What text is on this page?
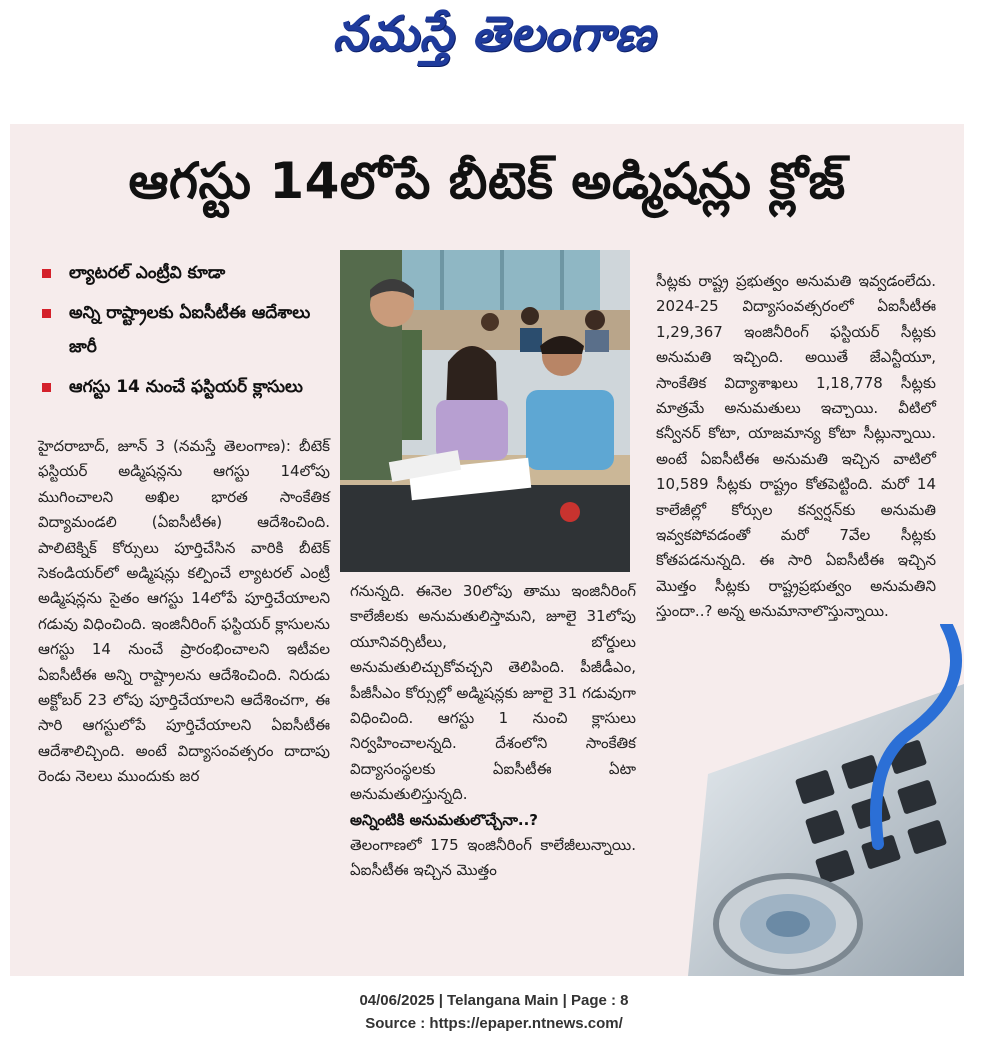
నమస్తే తెలంగాణ
ఆగస్టు 14లోపే బీటెక్ అడ్మిషన్లు క్లోజ్
ల్యాటరల్ ఎంట్రీవి కూడా
అన్ని రాష్ట్రాలకు ఏఐసీటీఈ ఆదేశాలు జారీ
ఆగస్టు 14 నుంచే ఫస్టియర్ క్లాసులు
హైదరాబాద్, జూన్ 3 (నమస్తే తెలంగాణ): బీటెక్ ఫస్టియర్ అడ్మిషన్లను ఆగస్టు 14లోపు ముగించాలని అఖిల భారత సాంకేతిక విద్యామండలి (ఏఐసీటీఈ) ఆదేశించింది. పాలిటెక్నిక్ కోర్సులు పూర్తిచేసిన వారికి బీటెక్ సెకండియర్‌లో అడ్మిషన్లు కల్పించే ల్యాటరల్ ఎంట్రీ అడ్మిషన్లను సైతం ఆగస్టు 14లోపే పూర్తిచేయాలని గడువు విధించింది. ఇంజినీరింగ్ ఫస్టియర్ క్లాసులను ఆగస్టు 14 నుంచే ప్రారంభించాలని ఇటీవల ఏఐసీటీఈ అన్ని రాష్ట్రాలను ఆదేశించింది. నిరుడు అక్టోబర్ 23 లోపు పూర్తిచేయాలని ఆదేశించగా, ఈ సారి ఆగస్టులోపే పూర్తిచేయాలని ఏఐసీటీఈ ఆదేశాలిచ్చింది. అంటే విద్యాసంవత్సరం దాదాపు రెండు నెలలు ముందుకు జర
గనున్నది. ఈనెల 30లోపు తాము ఇంజినీరింగ్ కాలేజీలకు అనుమతులిస్తామని, జూలై 31లోపు యూనివర్సిటీలు, బోర్డులు అనుమతులిచ్చుకోవచ్చని తెలిపింది. పీజీడీఎం, పీజీసీఎం కోర్సుల్లో అడ్మిషన్లకు జూలై 31 గడువుగా విధించింది. ఆగస్టు 1 నుంచి క్లాసులు నిర్వహించాలన్నది. దేశంలోని సాంకేతిక విద్యాసంస్థలకు ఏఐసీటీఈ ఏటా అనుమతులిస్తున్నది.
అన్నింటికి అనుమతులొచ్చేనా..?
తెలంగాణలో 175 ఇంజినీరింగ్ కాలేజీలున్నాయి. ఏఐసీటీఈ ఇచ్చిన మొత్తం
సీట్లకు రాష్ట్ర ప్రభుత్వం అనుమతి ఇవ్వడంలేదు. 2024-25 విద్యాసంవత్సరంలో ఏఐసీటీఈ 1,29,367 ఇంజినీరింగ్ ఫస్టియర్ సీట్లకు అనుమతి ఇచ్చింది. అయితే జేఎన్టీయూ, సాంకేతిక విద్యాశాఖలు 1,18,778 సీట్లకు మాత్రమే అనుమతులు ఇచ్చాయి. వీటిలో కన్వీనర్ కోటా, యాజమాన్య కోటా సీట్లున్నాయి. అంటే ఏఐసీటీఈ అనుమతి ఇచ్చిన వాటిలో 10,589 సీట్లకు రాష్ట్రం కోతపెట్టింది. మరో 14 కాలేజీల్లో కోర్సుల కన్వర్షన్‌కు అనుమతి ఇవ్వకపోవడంతో మరో 7వేల సీట్లకు కోతపడనున్నది. ఈ సారి ఏఐసీటీఈ ఇచ్చిన మొత్తం సీట్లకు రాష్ట్రప్రభుత్వం అనుమతిని స్తుందా..? అన్న అనుమానాలొస్తున్నాయి.
04/06/2025 | Telangana Main | Page : 8
Source : https://epaper.ntnews.com/
